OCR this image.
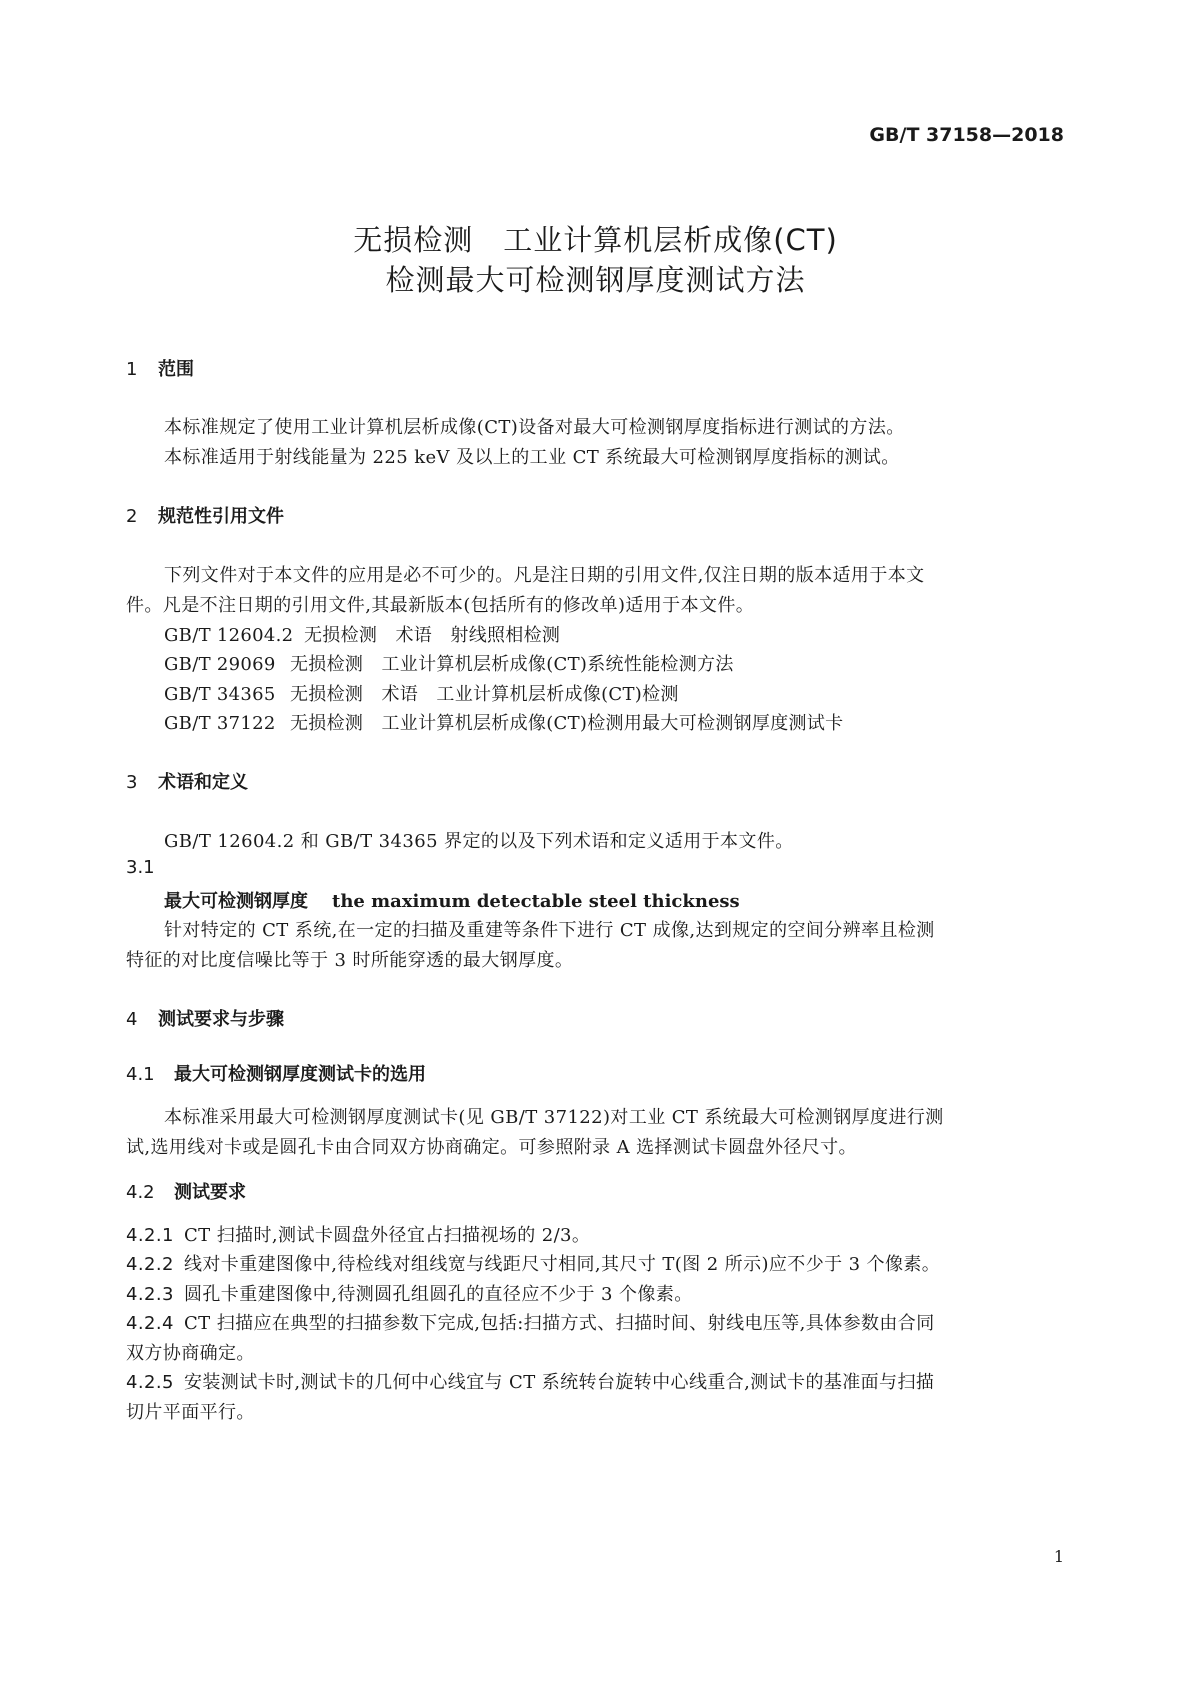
GB/T 37158—2018
无损检测　工业计算机层析成像(CT)
检测最大可检测钢厚度测试方法
1 范围
本标准规定了使用工业计算机层析成像(CT)设备对最大可检测钢厚度指标进行测试的方法。
本标准适用于射线能量为 225 keV 及以上的工业 CT 系统最大可检测钢厚度指标的测试。
2 规范性引用文件
下列文件对于本文件的应用是必不可少的。凡是注日期的引用文件,仅注日期的版本适用于本文
件。凡是不注日期的引用文件,其最新版本(包括所有的修改单)适用于本文件。
GB/T 12604.2 无损检测　术语　射线照相检测
GB/T 29069 无损检测　工业计算机层析成像(CT)系统性能检测方法
GB/T 34365 无损检测　术语　工业计算机层析成像(CT)检测
GB/T 37122 无损检测　工业计算机层析成像(CT)检测用最大可检测钢厚度测试卡
3 术语和定义
GB/T 12604.2 和 GB/T 34365 界定的以及下列术语和定义适用于本文件。
3.1
最大可检测钢厚度 the maximum detectable steel thickness
针对特定的 CT 系统,在一定的扫描及重建等条件下进行 CT 成像,达到规定的空间分辨率且检测
特征的对比度信噪比等于 3 时所能穿透的最大钢厚度。
4 测试要求与步骤
4.1 最大可检测钢厚度测试卡的选用
本标准采用最大可检测钢厚度测试卡(见 GB/T 37122)对工业 CT 系统最大可检测钢厚度进行测
试,选用线对卡或是圆孔卡由合同双方协商确定。可参照附录 A 选择测试卡圆盘外径尺寸。
4.2 测试要求
4.2.1 CT 扫描时,测试卡圆盘外径宜占扫描视场的 2/3。
4.2.2 线对卡重建图像中,待检线对组线宽与线距尺寸相同,其尺寸 T(图 2 所示)应不少于 3 个像素。
4.2.3 圆孔卡重建图像中,待测圆孔组圆孔的直径应不少于 3 个像素。
4.2.4 CT 扫描应在典型的扫描参数下完成,包括:扫描方式、扫描时间、射线电压等,具体参数由合同
双方协商确定。
4.2.5 安装测试卡时,测试卡的几何中心线宜与 CT 系统转台旋转中心线重合,测试卡的基准面与扫描
切片平面平行。
1
